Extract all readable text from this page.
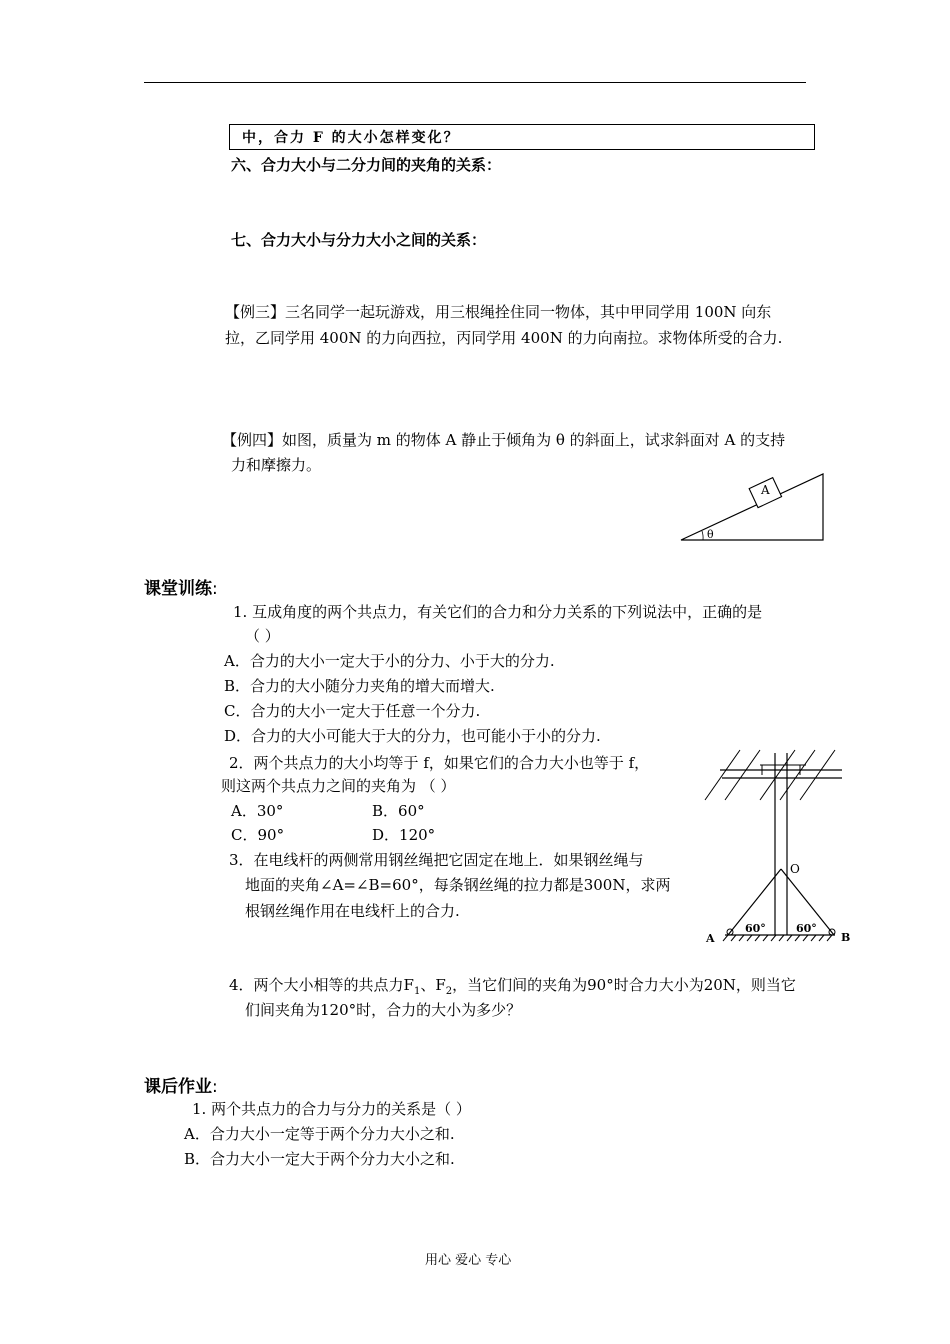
中，合力 F 的大小怎样变化？
六、合力大小与二分力间的夹角的关系：
七、合力大小与分力大小之间的关系：
【例三】三名同学一起玩游戏，用三根绳拴住同一物体，其中甲同学用 100N 向东
拉，乙同学用 400N 的力向西拉，丙同学用 400N 的力向南拉。求物体所受的合力.
【例四】如图，质量为 m 的物体 A 静止于倾角为 θ 的斜面上，试求斜面对 A 的支持
力和摩擦力。
A
θ
课堂训练:
1. 互成角度的两个共点力，有关它们的合力和分力关系的下列说法中，正确的是
（ ）
A．合力的大小一定大于小的分力、小于大的分力.
B．合力的大小随分力夹角的增大而增大.
C．合力的大小一定大于任意一个分力.
D．合力的大小可能大于大的分力，也可能小于小的分力.
2．两个共点力的大小均等于 f，如果它们的合力大小也等于 f，
则这两个共点力之间的夹角为 （ ）
A．30°	B．60°
C．90°	D．120°
3．在电线杆的两侧常用钢丝绳把它固定在地上．如果钢丝绳与
地面的夹角∠A=∠B=60°，每条钢丝绳的拉力都是300N，求两
根钢丝绳作用在电线杆上的合力.
O
A	B
60°	60°
4．两个大小相等的共点力$F_1$、$F_2$，当它们间的夹角为90°时合力大小为20N，则当它
们间夹角为120°时，合力的大小为多少？
课后作业:
1. 两个共点力的合力与分力的关系是（ ）
A．合力大小一定等于两个分力大小之和.
B．合力大小一定大于两个分力大小之和.
用心 爱心 专心
